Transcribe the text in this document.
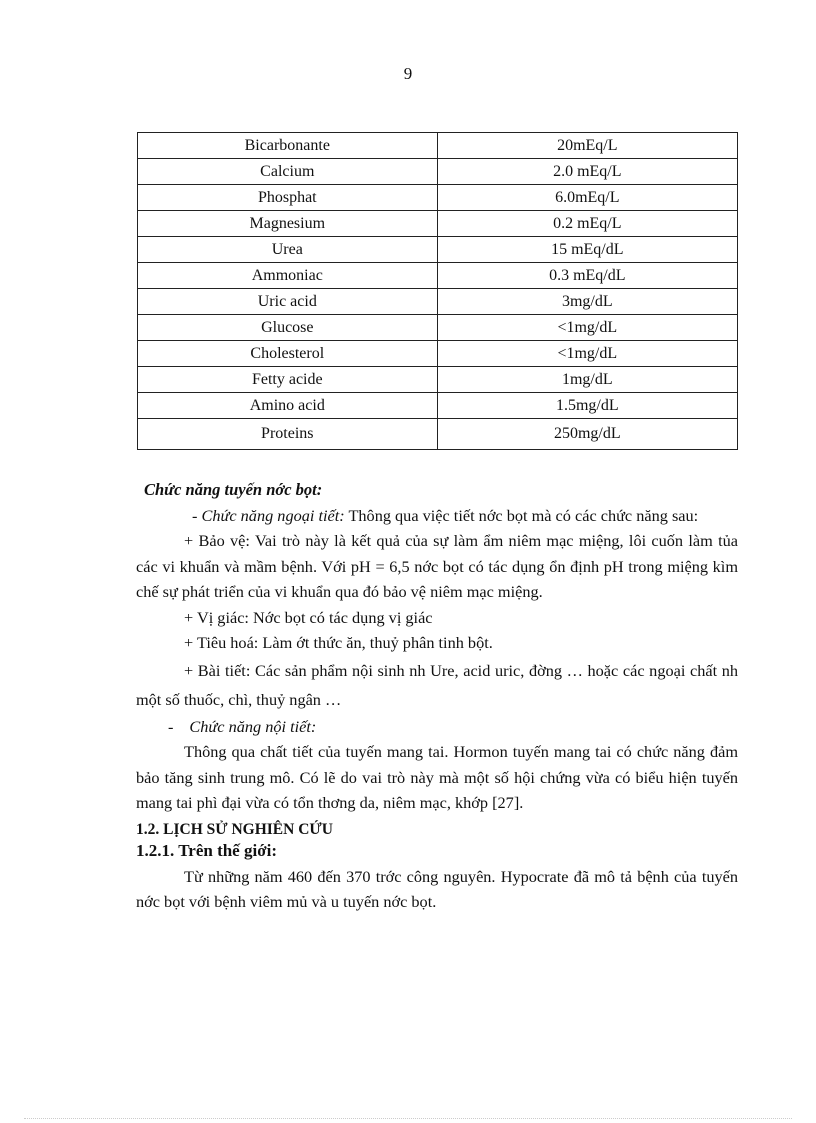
9
Bicarbonante	20mEq/L
Calcium	2.0 mEq/L
Phosphat	6.0mEq/L
Magnesium	0.2 mEq/L
Urea	15 mEq/dL
Ammoniac	0.3 mEq/dL
Uric acid	3mg/dL
Glucose	<1mg/dL
Cholesterol	<1mg/dL
Fetty acide	1mg/dL
Amino acid	1.5mg/dL
Proteins	250mg/dL

Chức năng tuyến nớc bọt:

- Chức năng ngoại tiết: Thông qua việc tiết nớc bọt mà có các chức năng sau:

+ Bảo vệ: Vai trò này là kết quả của sự làm ẩm niêm mạc miệng, lôi cuốn làm tủa các vi khuẩn và mầm bệnh. Với pH = 6,5 nớc bọt có tác dụng ổn định pH trong miệng kìm chế sự phát triển của vi khuẩn qua đó bảo vệ niêm mạc miệng.

+ Vị giác: Nớc bọt có tác dụng vị giác

+ Tiêu hoá: Làm ớt thức ăn, thuỷ phân tinh bột.

+ Bài tiết: Các sản phẩm nội sinh nh Ure, acid uric, đờng … hoặc các ngoại chất nh một số thuốc, chì, thuỷ ngân …

- Chức năng nội tiết:

Thông qua chất tiết của tuyến mang tai. Hormon tuyến mang tai có chức năng đảm bảo tăng sinh trung mô. Có lẽ do vai trò này mà một số hội chứng vừa có biểu hiện tuyến mang tai phì đại vừa có tổn thơng da, niêm mạc, khớp [27].

1.2. LỊCH SỬ NGHIÊN CỨU

1.2.1. Trên thế giới:

Từ những năm 460 đến 370 trớc công nguyên. Hypocrate đã mô tả bệnh của tuyến nớc bọt với bệnh viêm mủ và u tuyến nớc bọt.
